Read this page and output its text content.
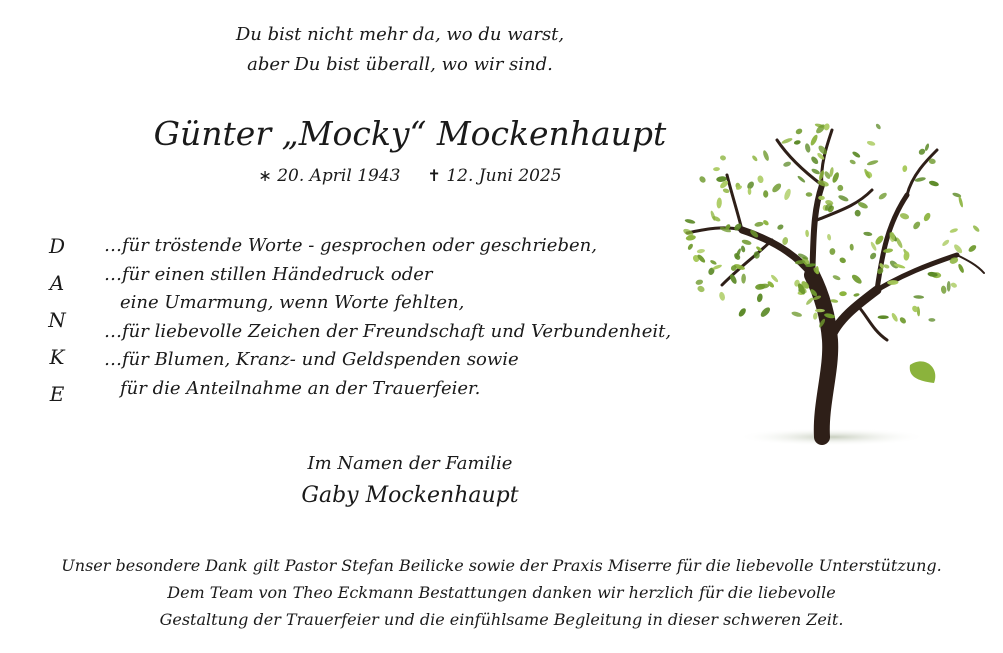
Du bist nicht mehr da, wo du warst,
aber Du bist überall, wo wir sind.
Günter „Mocky“ Mockenhaupt
∗ 20. April 1943 ✝ 12. Juni 2025
D
A
N
K
E
…für tröstende Worte - gesprochen oder geschrieben,
…für einen stillen Händedruck oder
eine Umarmung, wenn Worte fehlten,
…für liebevolle Zeichen der Freundschaft und Verbundenheit,
…für Blumen, Kranz- und Geldspenden sowie
für die Anteilnahme an der Trauerfeier.
Im Namen der Familie
Gaby Mockenhaupt
Unser besondere Dank gilt Pastor Stefan Beilicke sowie der Praxis Miserre für die liebevolle Unterstützung.
Dem Team von Theo Eckmann Bestattungen danken wir herzlich für die liebevolle
Gestaltung der Trauerfeier und die einfühlsame Begleitung in dieser schweren Zeit.
